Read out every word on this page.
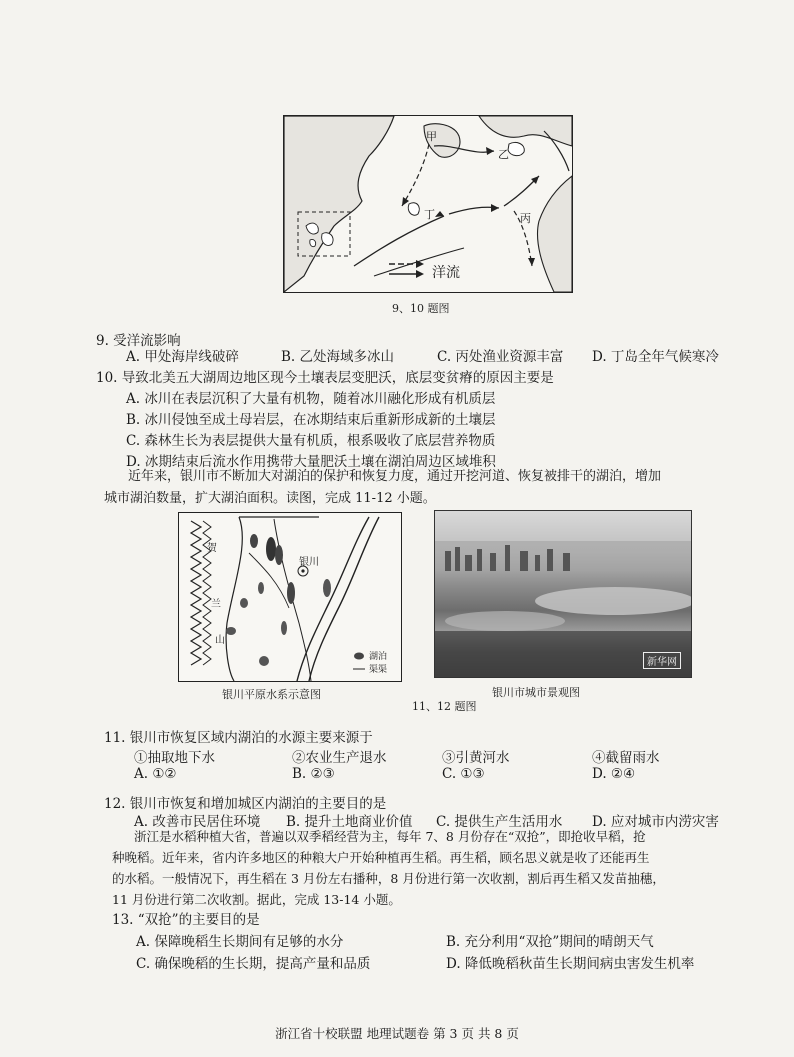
甲
乙
丙
丁
洋流
9、10 题图
9. 受洋流影响
A. 甲处海岸线破碎	B. 乙处海域多冰山	C. 丙处渔业资源丰富 D. 丁岛全年气候寒冷
10. 导致北美五大湖周边地区现今土壤表层变肥沃，底层变贫瘠的原因主要是
A. 冰川在表层沉积了大量有机物，随着冰川融化形成有机质层
B. 冰川侵蚀至成土母岩层，在冰期结束后重新形成新的土壤层
C. 森林生长为表层提供大量有机质，根系吸收了底层营养物质
D. 冰期结束后流水作用携带大量肥沃土壤在湖泊周边区域堆积

近年来，银川市不断加大对湖泊的保护和恢复力度，通过开挖河道、恢复被排干的湖泊，增加

城市湖泊数量，扩大湖泊面积。读图，完成 11-12 小题。

贺
兰
山
银川
湖泊
渠渠
银川平原水系示意图
11、12 题图
新华网
银川市城市景观图
11. 银川市恢复区域内湖泊的水源主要来源于
①抽取地下水	②农业生产退水	③引黄河水	④截留雨水
A. ①②	B. ②③	C. ①③	D. ②④
12. 银川市恢复和增加城区内湖泊的主要目的是
A. 改善市民居住环境 B. 提升土地商业价值 C. 提供生产生活用水 D. 应对城市内涝灾害

浙江是水稻种植大省，普遍以双季稻经营为主，每年 7、8 月份存在“双抢”，即抢收早稻，抢

种晚稻。近年来，省内许多地区的种粮大户开始种植再生稻。再生稻，顾名思义就是收了还能再生

的水稻。一般情况下，再生稻在 3 月份左右播种，8 月份进行第一次收割，割后再生稻又发苗抽穗，

11 月份进行第二次收割。据此，完成 13-14 小题。

13. “双抢”的主要目的是
A. 保障晚稻生长期间有足够的水分	B. 充分利用“双抢”期间的晴朗天气
C. 确保晚稻的生长期，提高产量和品质	D. 降低晚稻秋苗生长期间病虫害发生机率
浙江省十校联盟 地理试题卷 第 3 页 共 8 页
